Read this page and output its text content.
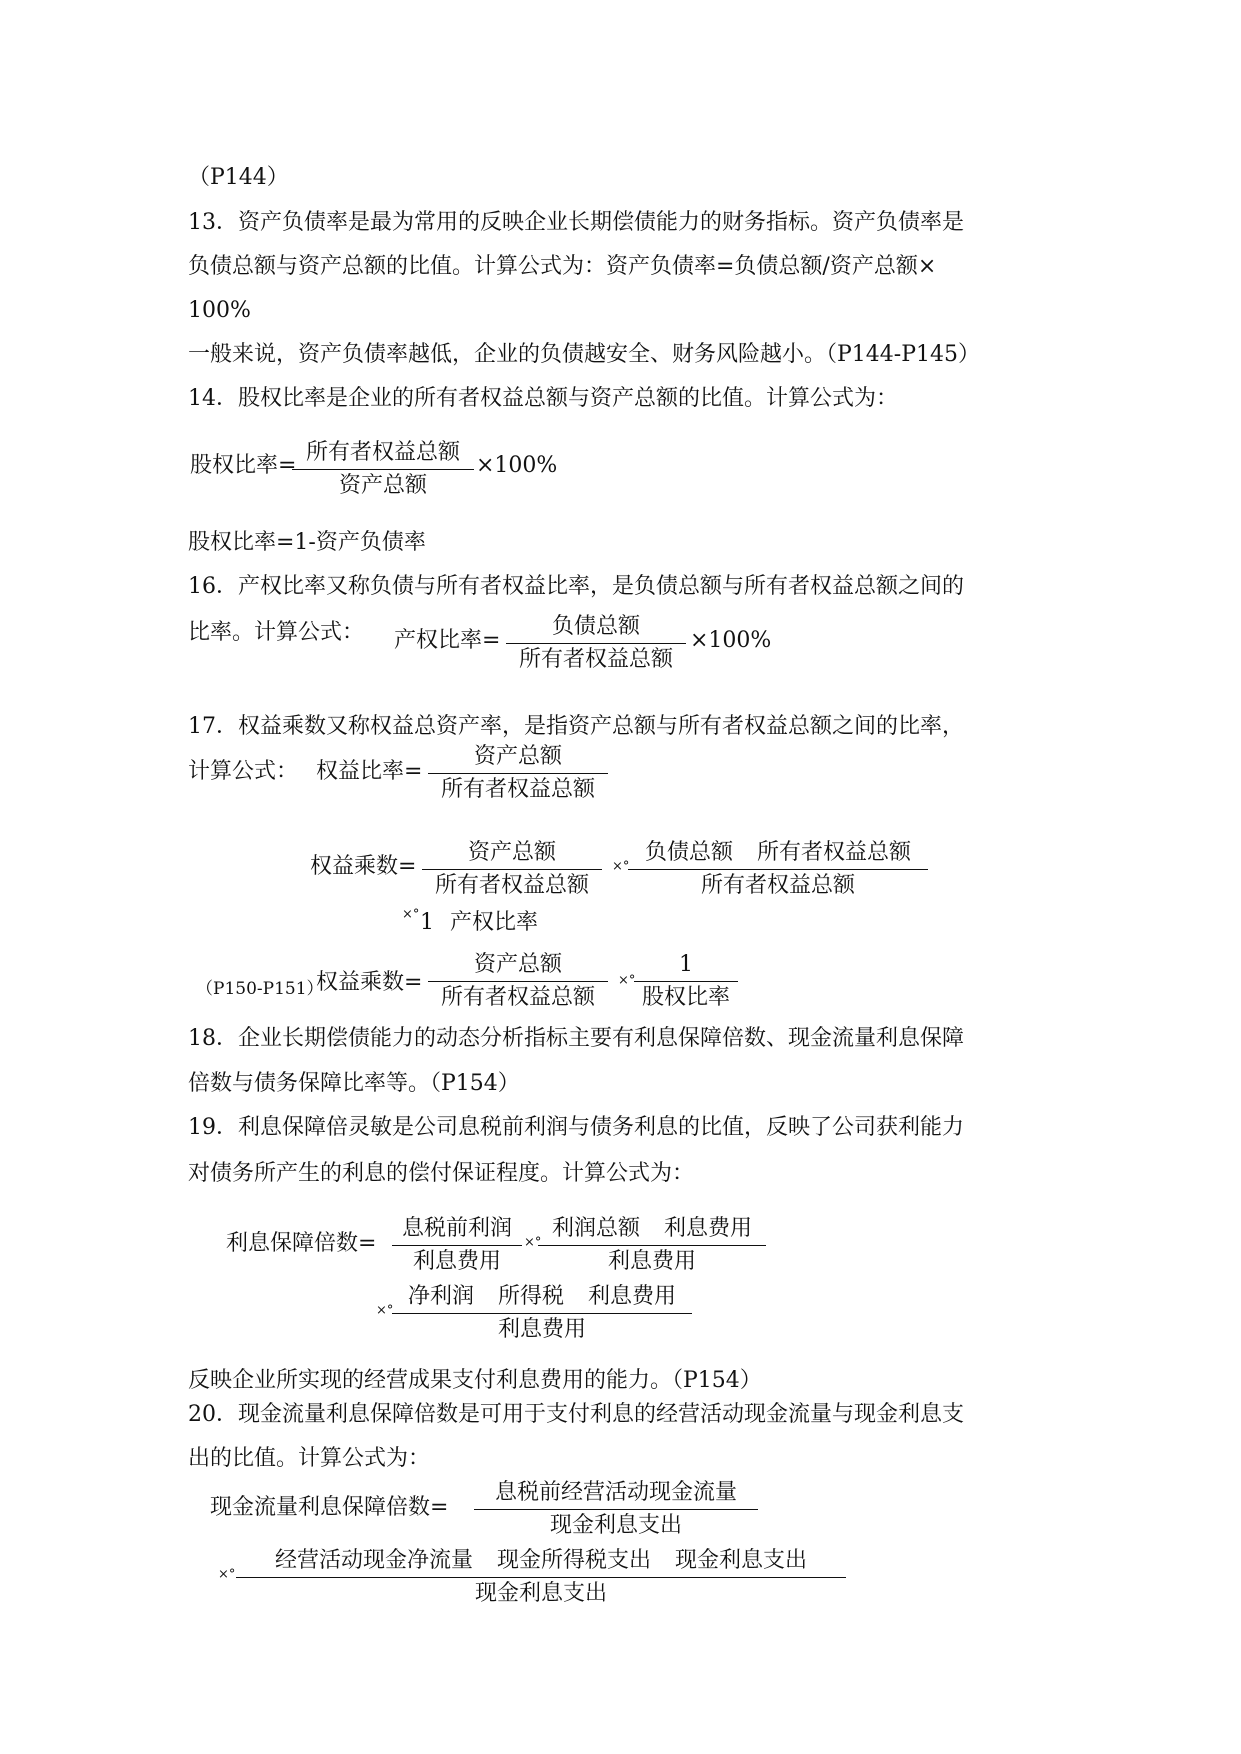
（P144）
13．资产负债率是最为常用的反映企业长期偿债能力的财务指标。资产负债率是
负债总额与资产总额的比值。计算公式为：资产负债率=负债总额/资产总额×
100%
一般来说，资产负债率越低，企业的负债越安全、财务风险越小。（P144-P145）
14．股权比率是企业的所有者权益总额与资产总额的比值。计算公式为：
股权比率=
所有者权益总额
资产总额
×100%
股权比率=1-资产负债率
16．产权比率又称负债与所有者权益比率，是负债总额与所有者权益总额之间的
比率。计算公式： 产权比率=
负债总额
所有者权益总额
×100%
17．权益乘数又称权益总资产率，是指资产总额与所有者权益总额之间的比率，
计算公式： 权益比率=
资产总额
所有者权益总额
权益乘数=
资产总额
所有者权益总额
×°
负债总额 所有者权益总额
所有者权益总额
×° 1 产权比率
（P150-P151）
权益乘数=
资产总额
所有者权益总额
×°
1
股权比率
18．企业长期偿债能力的动态分析指标主要有利息保障倍数、现金流量利息保障
倍数与债务保障比率等。（P154）
19．利息保障倍灵敏是公司息税前利润与债务利息的比值，反映了公司获利能力
对债务所产生的利息的偿付保证程度。计算公式为：
利息保障倍数=
息税前利润
利息费用
×°
利润总额 利息费用
利息费用
×°
净利润 所得税 利息费用
利息费用
反映企业所实现的经营成果支付利息费用的能力。（P154）
20．现金流量利息保障倍数是可用于支付利息的经营活动现金流量与现金利息支
出的比值。计算公式为：
现金流量利息保障倍数=
息税前经营活动现金流量
现金利息支出
×°
经营活动现金净流量 现金所得税支出 现金利息支出
现金利息支出
